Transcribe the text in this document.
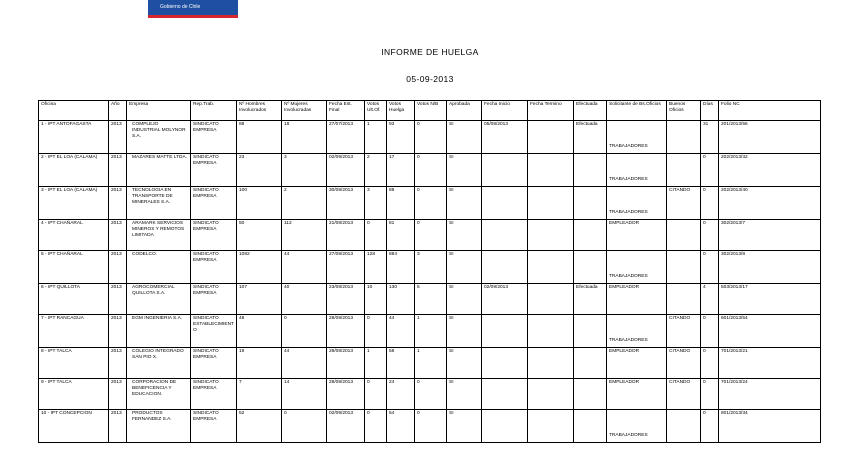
Gobierno de Chile
INFORME DE HUELGA
05-09-2013
Oficina	Año	Empresa	Rep.Trab.	Nº Hombres Involucrados	Nº Mujeres Involucradas	Fecha Est. Final	Votos Ult.Of.	Votos Huelga	Votos N/B	Aprobada	Fecha Inicio	Fecha Termino	Efectuada	Solicitante de Bs.Oficios	Buenos Oficios	Días	Folio NC
1 - IPT ANTOFAGASTA	2013	COMPLEJO INDUSTRIAL MOLYNOR S.A.	SINDICATO EMPRESA	88	18	27/07/2013	1	93	0	SI	05/08/2013		Efectuada	TRABAJADORES		31	201/2013/56
2 - IPT EL LOA (CALAMA)	2013	MAZARES MATTE LTDA.	SINDICATO EMPRESA	23	3	02/09/2013	2	17	0	SI				TRABAJADORES		0	202/2013/32
3 - IPT EL LOA (CALAMA)	2013	TECNOLOGIA EN TRANSPORTE DE MINERALES S.A.	SINDICATO EMPRESA	100	2	30/08/2013	3	88	0	SI				TRABAJADORES	CITANDO	0	202/2013/40
4 - IPT CHAÑARAL	2013	ARAMARK SERVICIOS MINEROS Y REMOTOS LIMITADA	SINDICATO EMPRESA	50	112	21/08/2013	0	81	0	SI				EMPLEADOR		0	302/2013/7
5 - IPT CHAÑARAL	2013	CODELCO.	SINDICATO EMPRESA	1082	44	27/08/2013	128	884	3	SI				TRABAJADORES		0	302/2013/8
6 - IPT QUILLOTA	2013	AGROCOMERCIAL QUILLOTA S.A.	SINDICATO EMPRESA	107	40	23/08/2013	10	130	5	SI	02/09/2013		Efectuada	EMPLEADOR		4	503/2013/17
7 - IPT RANCAGUA	2013	EGM INGENIERIA S.A.	SINDICATO ESTABLECIMIENTO	48	0	28/08/2013	0	44	1	SI				TRABAJADORES	CITANDO	0	601/2013/54
8 - IPT TALCA	2013	COLEGIO INTEGRADO SAN PIO X.	SINDICATO EMPRESA	19	44	28/08/2013	1	58	1	SI				EMPLEADOR	CITANDO	0	701/2013/21
9 - IPT TALCA	2013	CORPORACION DE BENEFICENCIA Y EDUCACION.	SINDICATO EMPRESA	7	14	28/08/2013	0	24	0	SI				EMPLEADOR	CITANDO	0	701/2013/24
10 - IPT CONCEPCION	2013	PRODUCTOS FERNANDEZ S.A.	SINDICATO EMPRESA	52	0	02/09/2013	0	54	0	SI				TRABAJADORES		0	801/2013/34
